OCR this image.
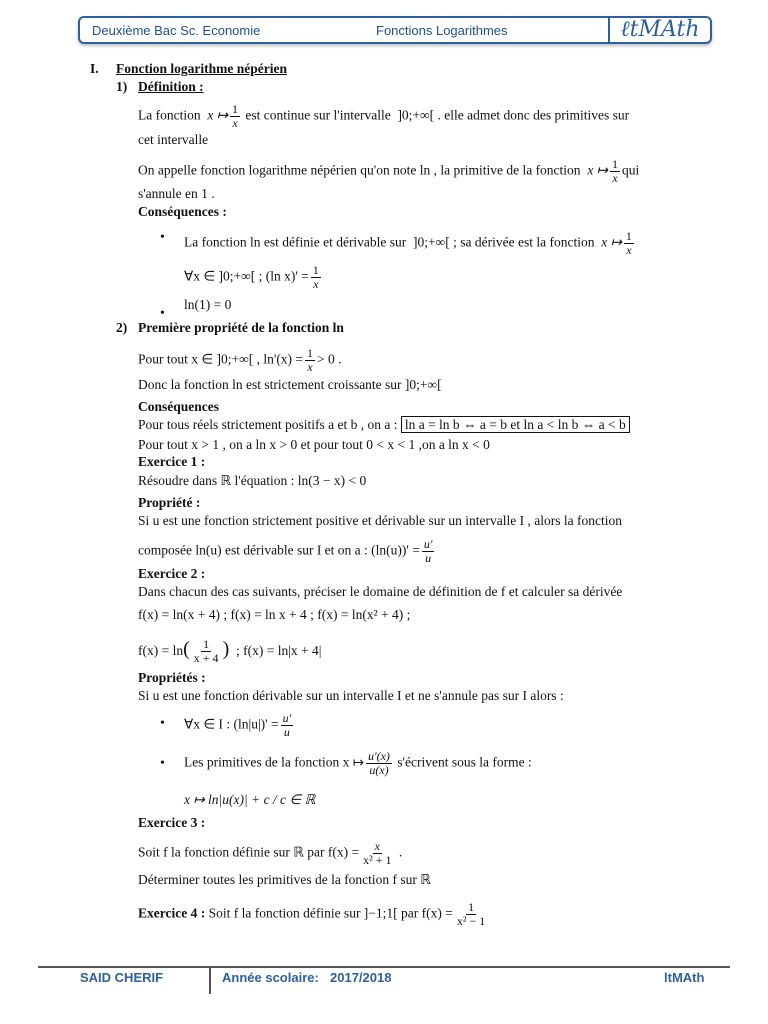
Deuxième Bac Sc. Economie	Fonctions Logarithmes	ℓtMAth
I. Fonction logarithme népérien
1) Définition :
La fonction  x ↦ $\frac{1}{x}$ est continue sur l'intervalle  ]0;+∞[ . elle admet donc des primitives sur
cet intervalle
On appelle fonction logarithme népérien qu'on note ln , la primitive de la fonction  x ↦ $\frac{1}{x}$ qui
s'annule en 1 .
Conséquences :
• La fonction ln est définie et dérivable sur  ]0;+∞[ ; sa dérivée est la fonction  x ↦ $\frac{1}{x}$
∀x ∈ ]0;+∞[ ; (ln $x)' = \frac{1}{x}$
ln(1) = 0
•
2) Première propriété de la fonction ln
Pour tout x ∈ ]0;+∞[ , $\ln'(x) = \frac{1}{x} > 0$ .
Donc la fonction ln est strictement croissante sur ]0;+∞[
Conséquences
Pour tous réels strictement positifs a et b , on a : ln a = ln b ⇔ a = b et ln a < ln b ⇔ a < b
Pour tout x > 1 , on a ln x > 0 et pour tout 0 < x < 1 ,on a ln x < 0
Exercice 1 :
Résoudre dans ℝ l'équation : ln(3 − x) < 0
Propriété :
Si u est une fonction strictement positive et dérivable sur un intervalle I , alors la fonction
composée ln(u) est dérivable sur I et on a : $(\ln(u))' = \frac{u'}{u}$
Exercice 2 :
Dans chacun des cas suivants, préciser le domaine de définition de f et calculer sa dérivée
f(x) = ln(x + 4) ; f(x) = ln x + 4 ; f(x) = ln(x² + 4) ;
$f(x) = \ln( \frac{1}{x + 4}$ ) ; f(x) = ln|x + 4|
Propriétés :
Si u est une fonction dérivable sur un intervalle I et ne s'annule pas sur I alors :
• ∀x ∈ I : $(\ln|u|)' = \frac{u'}{u}$
• Les primitives de la fonction x ↦ $\frac{u'(x)}{u(x)}$ s'écrivent sous la forme :
x ↦ ln|u(x)| + c / c ∈ ℝ
Exercice 3 :
Soit f la fonction définie sur ℝ par $f(x) = \frac{x}{\text{x² + 1}}$ .
Déterminer toutes les primitives de la fonction f sur ℝ
Exercice 4 : Soit f la fonction définie sur ]−1;1[ par $f(x) = \frac{1}{\text{x² − 1}}$
SAID CHERIF	Année scolaire: 2017/2018	ltMAth
